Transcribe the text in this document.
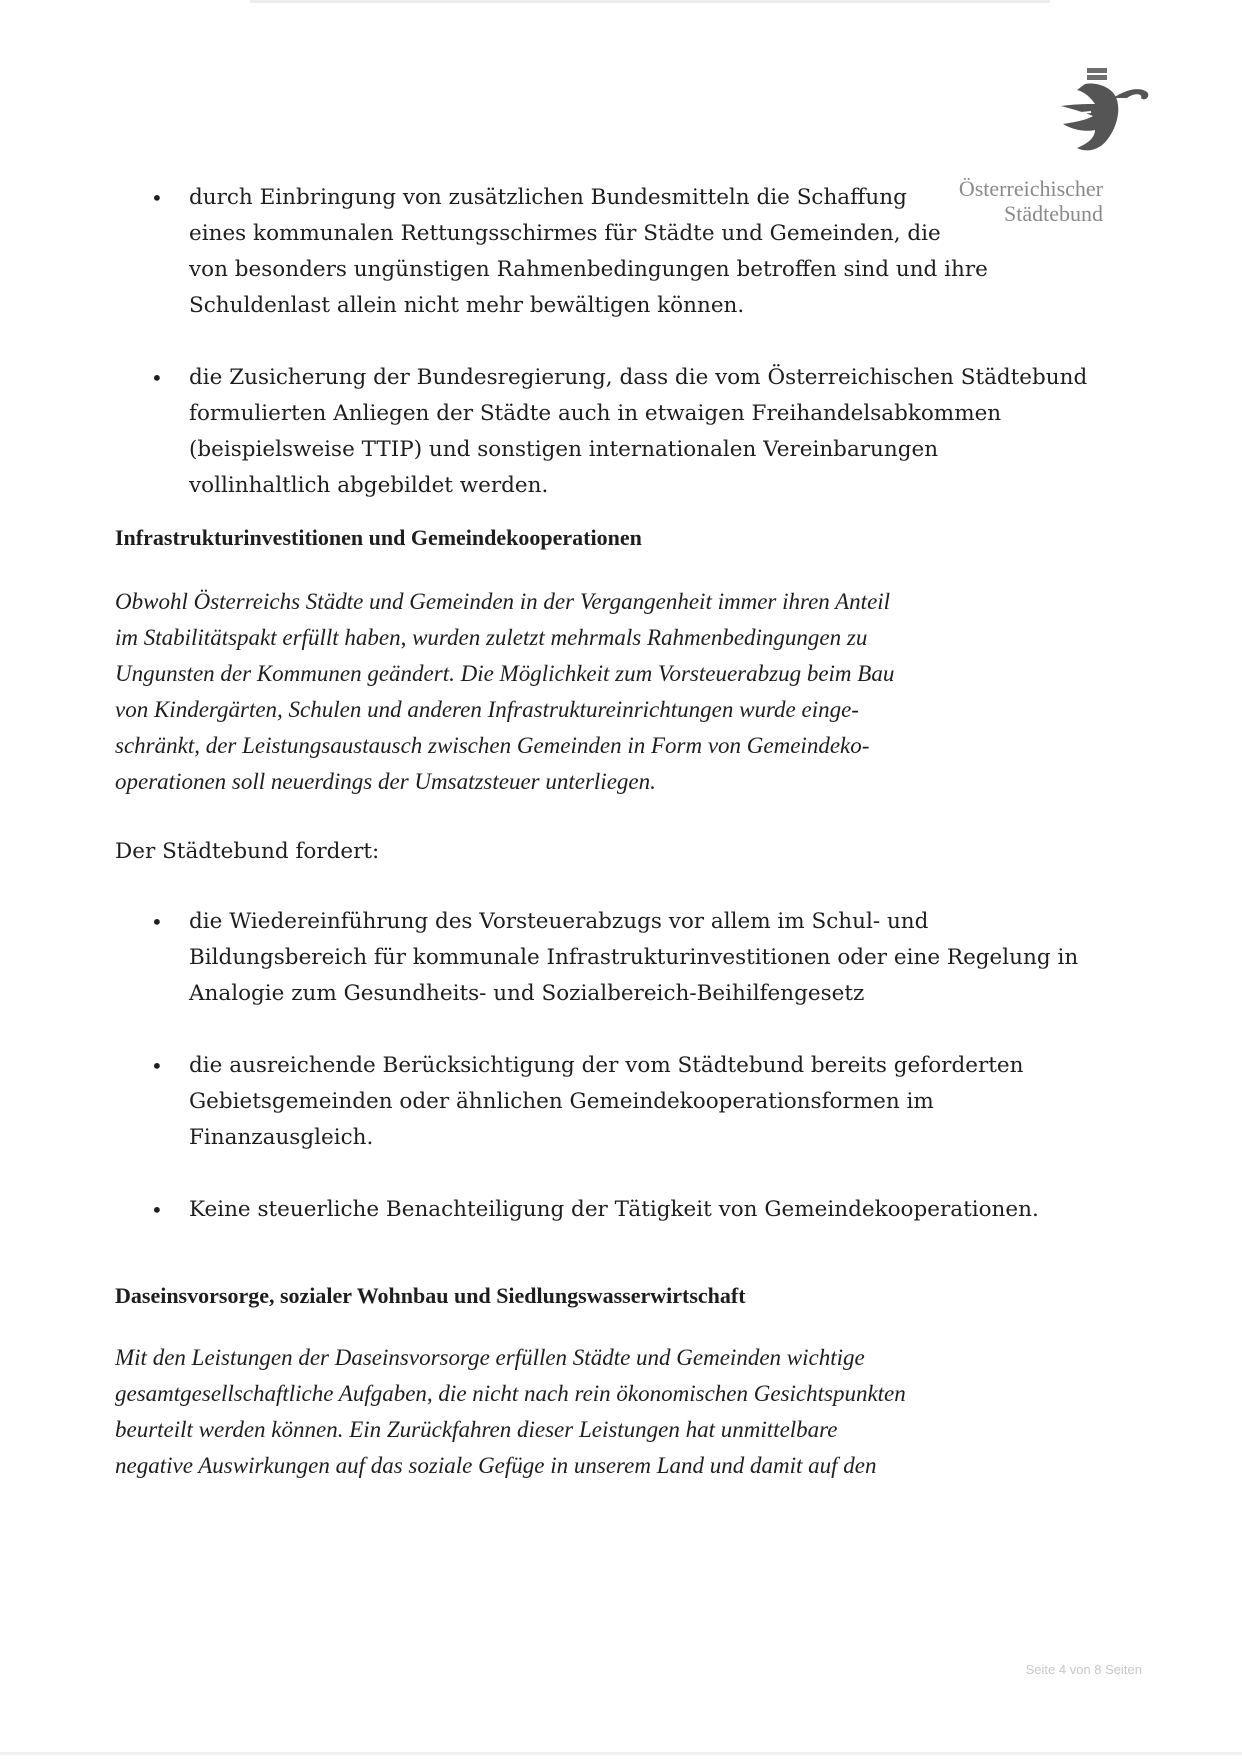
Österreichischer
Städtebund

• durch Einbringung von zusätzlichen Bundesmitteln die Schaffung

eines kommunalen Rettungsschirmes für Städte und Gemeinden, die

von besonders ungünstigen Rahmenbedingungen betroffen sind und ihre

Schuldenlast allein nicht mehr bewältigen können.

• die Zusicherung der Bundesregierung, dass die vom Österreichischen Städtebund

formulierten Anliegen der Städte auch in etwaigen Freihandelsabkommen

(beispielsweise TTIP) und sonstigen internationalen Vereinbarungen

vollinhaltlich abgebildet werden.

Infrastrukturinvestitionen und Gemeindekooperationen

Obwohl Österreichs Städte und Gemeinden in der Vergangenheit immer ihren Anteil

im Stabilitätspakt erfüllt haben, wurden zuletzt mehrmals Rahmenbedingungen zu

Ungunsten der Kommunen geändert. Die Möglichkeit zum Vorsteuerabzug beim Bau

von Kindergärten, Schulen und anderen Infrastruktureinrichtungen wurde einge-

schränkt, der Leistungsaustausch zwischen Gemeinden in Form von Gemeindeko-

operationen soll neuerdings der Umsatzsteuer unterliegen.

Der Städtebund fordert:

• die Wiedereinführung des Vorsteuerabzugs vor allem im Schul- und

Bildungsbereich für kommunale Infrastrukturinvestitionen oder eine Regelung in

Analogie zum Gesundheits- und Sozialbereich-Beihilfengesetz

• die ausreichende Berücksichtigung der vom Städtebund bereits geforderten

Gebietsgemeinden oder ähnlichen Gemeindekooperationsformen im

Finanzausgleich.

• Keine steuerliche Benachteiligung der Tätigkeit von Gemeindekooperationen.

Daseinsvorsorge, sozialer Wohnbau und Siedlungswasserwirtschaft

Mit den Leistungen der Daseinsvorsorge erfüllen Städte und Gemeinden wichtige

gesamtgesellschaftliche Aufgaben, die nicht nach rein ökonomischen Gesichtspunkten

beurteilt werden können. Ein Zurückfahren dieser Leistungen hat unmittelbare

negative Auswirkungen auf das soziale Gefüge in unserem Land und damit auf den

Seite 4 von 8 Seiten
